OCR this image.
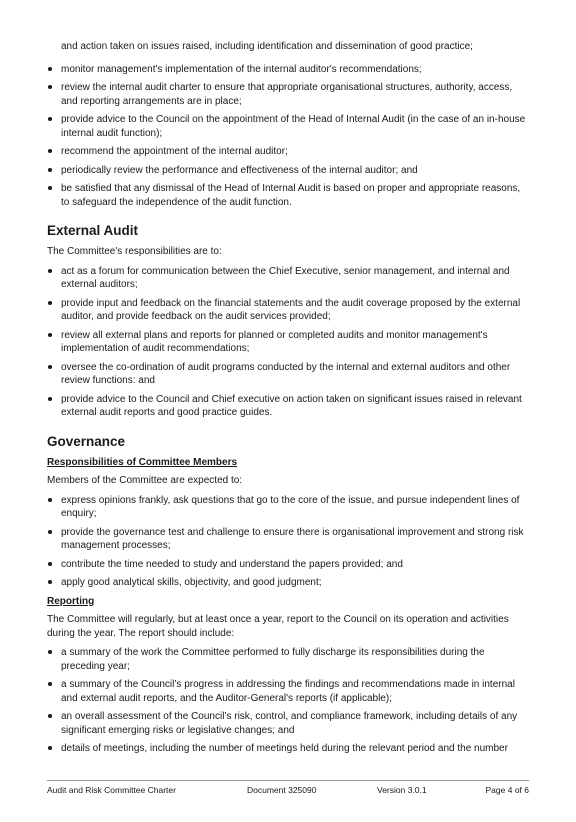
and action taken on issues raised, including identification and dissemination of good practice;

monitor management's implementation of the internal auditor's recommendations;
review the internal audit charter to ensure that appropriate organisational structures, authority, access, and reporting arrangements are in place;
provide advice to the Council on the appointment of the Head of Internal Audit (in the case of an in-house internal audit function);
recommend the appointment of the internal auditor;
periodically review the performance and effectiveness of the internal auditor; and
be satisfied that any dismissal of the Head of Internal Audit is based on proper and appropriate reasons, to safeguard the independence of the audit function.
External Audit

The Committee's responsibilities are to:

act as a forum for communication between the Chief Executive, senior management, and internal and external auditors;
provide input and feedback on the financial statements and the audit coverage proposed by the external auditor, and provide feedback on the audit services provided;
review all external plans and reports for planned or completed audits and monitor management's implementation of audit recommendations;
oversee the co-ordination of audit programs conducted by the internal and external auditors and other review functions: and
provide advice to the Council and Chief executive on action taken on significant issues raised in relevant external audit reports and good practice guides.
Governance
Responsibilities of Committee Members

Members of the Committee are expected to:

express opinions frankly, ask questions that go to the core of the issue, and pursue independent lines of enquiry;
provide the governance test and challenge to ensure there is organisational improvement and strong risk management processes;
contribute the time needed to study and understand the papers provided; and
apply good analytical skills, objectivity, and good judgment;
Reporting

The Committee will regularly, but at least once a year, report to the Council on its operation and activities during the year. The report should include:

a summary of the work the Committee performed to fully discharge its responsibilities during the preceding year;
a summary of the Council’s progress in addressing the findings and recommendations made in internal and external audit reports, and the Auditor-General's reports (if applicable);
an overall assessment of the Council’s risk, control, and compliance framework, including details of any significant emerging risks or legislative changes; and
details of meetings, including the number of meetings held during the relevant period and the number
Audit and Risk Committee Charter	Document 325090	Version 3.0.1	Page 4 of 6
